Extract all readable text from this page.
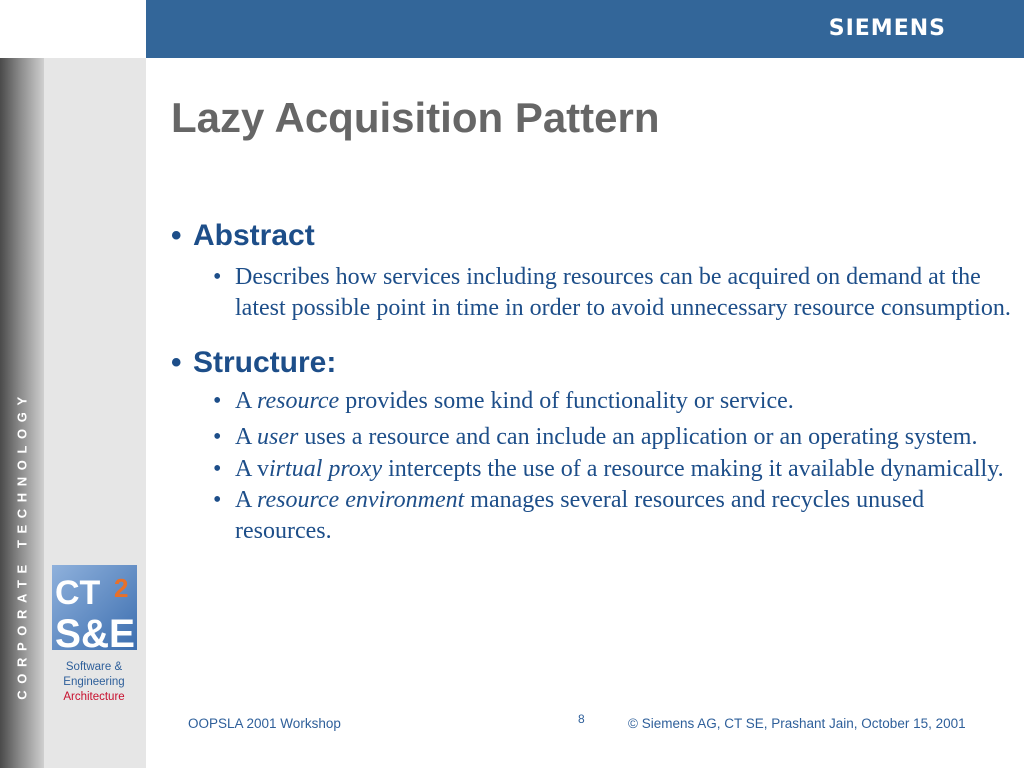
SIEMENS
CORPORATE TECHNOLOGY CT 2
S&E
Software &
Engineering
Architecture
Lazy Acquisition Pattern
• Abstract
• Describes how services including resources can be acquired on demand at the latest possible point in time in order to avoid unnecessary resource consumption.
• Structure:
• A resource provides some kind of functionality or service.
• A user uses a resource and can include an application or an operating system.
• A virtual proxy intercepts the use of a resource making it available dynamically.
• A resource environment manages several resources and recycles unused resources.
OOPSLA 2001 Workshop	8	© Siemens AG, CT SE, Prashant Jain, October 15, 2001
